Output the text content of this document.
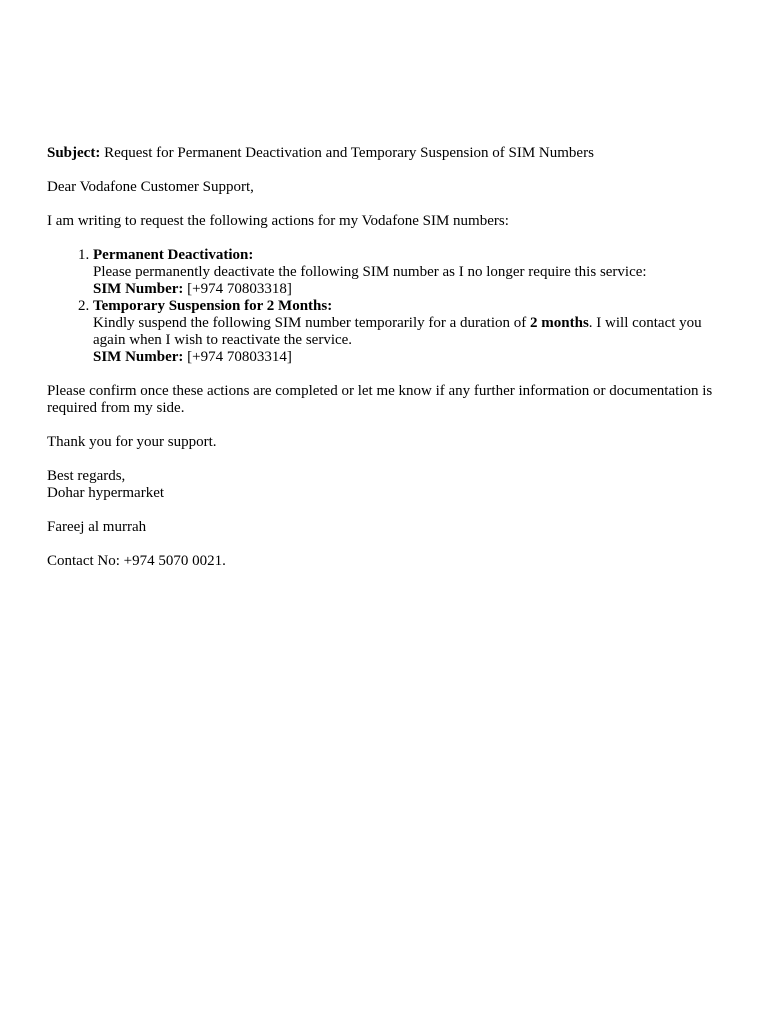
Subject: Request for Permanent Deactivation and Temporary Suspension of SIM Numbers

Dear Vodafone Customer Support,

I am writing to request the following actions for my Vodafone SIM numbers:

1. Permanent Deactivation:
Please permanently deactivate the following SIM number as I no longer require this service:
SIM Number: [+974 70803318]
2. Temporary Suspension for 2 Months:
Kindly suspend the following SIM number temporarily for a duration of 2 months. I will contact you again when I wish to reactivate the service.
SIM Number: [+974 70803314]

Please confirm once these actions are completed or let me know if any further information or documentation is required from my side.

Thank you for your support.

Best regards,

Dohar hypermarket

Fareej al murrah

Contact No: +974 5070 0021.
